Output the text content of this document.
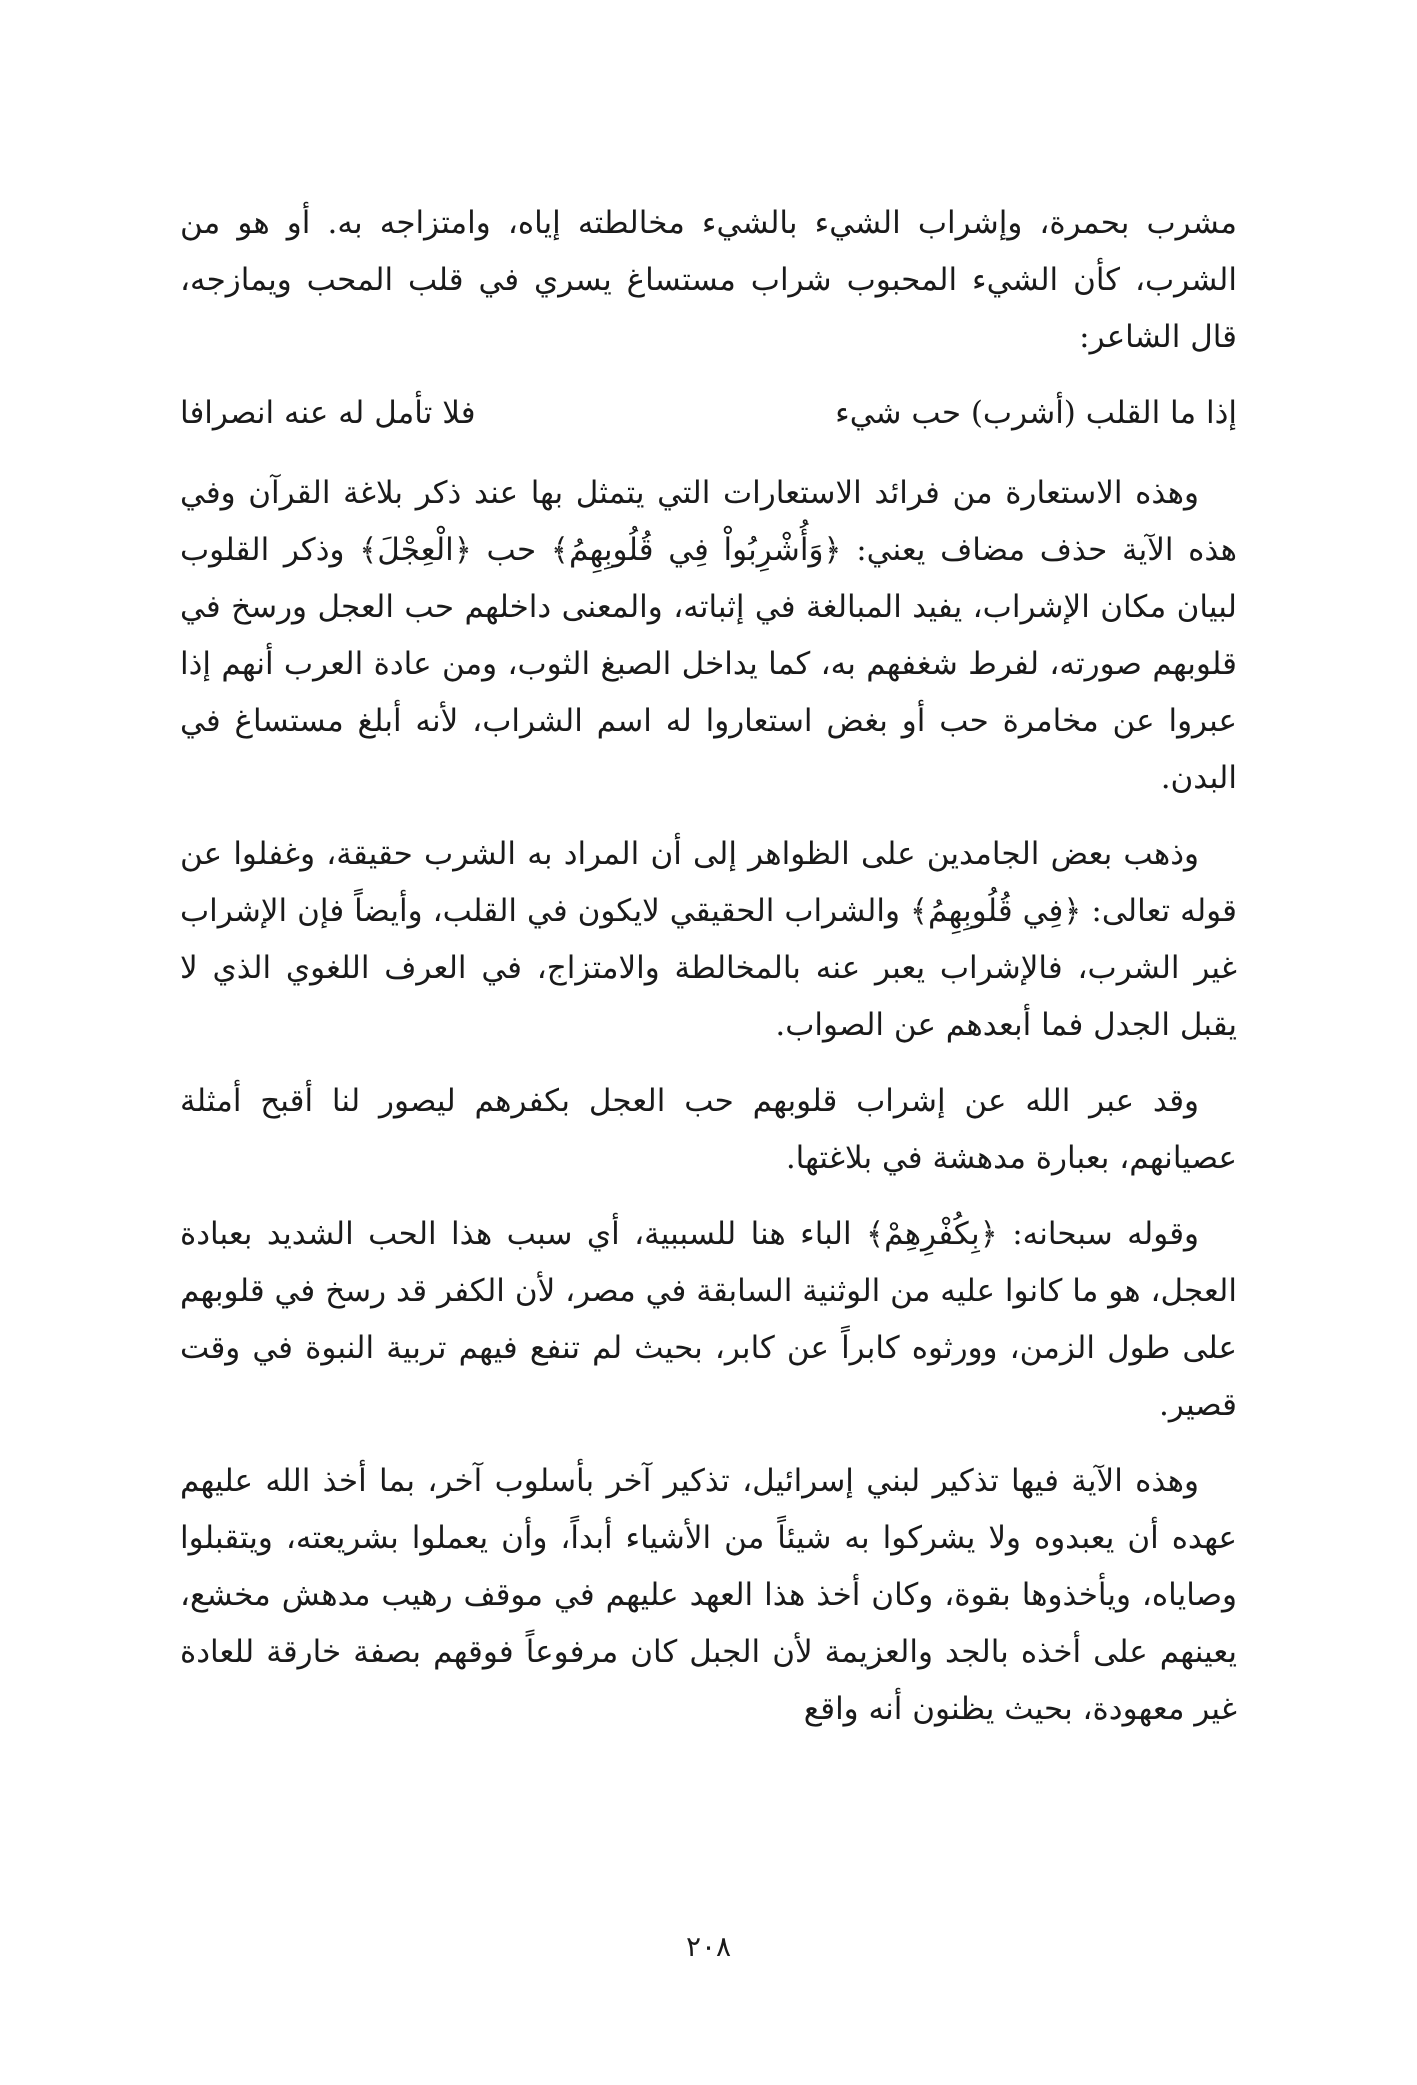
مشرب بحمرة، وإشراب الشيء بالشيء مخالطته إياه، وامتزاجه به. أو هو من الشرب، كأن الشيء المحبوب شراب مستساغ يسري في قلب المحب ويمازجه، قال الشاعر:

إذا ما القلب (أشرب) حب شيء
فلا تأمل له عنه انصرافا

وهذه الاستعارة من فرائد الاستعارات التي يتمثل بها عند ذكر بلاغة القرآن وفي هذه الآية حذف مضاف يعني: ﴿وَأُشْرِبُواْ فِي قُلُوبِهِمُ﴾ حب ﴿الْعِجْلَ﴾ وذكر القلوب لبيان مكان الإشراب، يفيد المبالغة في إثباته، والمعنى داخلهم حب العجل ورسخ في قلوبهم صورته، لفرط شغفهم به، كما يداخل الصبغ الثوب، ومن عادة العرب أنهم إذا عبروا عن مخامرة حب أو بغض استعاروا له اسم الشراب، لأنه أبلغ مستساغ في البدن.

وذهب بعض الجامدين على الظواهر إلى أن المراد به الشرب حقيقة، وغفلوا عن قوله تعالى: ﴿فِي قُلُوبِهِمُ﴾ والشراب الحقيقي لايكون في القلب، وأيضاً فإن الإشراب غير الشرب، فالإشراب يعبر عنه بالمخالطة والامتزاج، في العرف اللغوي الذي لا يقبل الجدل فما أبعدهم عن الصواب.

وقد عبر الله عن إشراب قلوبهم حب العجل بكفرهم ليصور لنا أقبح أمثلة عصيانهم، بعبارة مدهشة في بلاغتها.

وقوله سبحانه: ﴿بِكُفْرِهِمْ﴾ الباء هنا للسببية، أي سبب هذا الحب الشديد بعبادة العجل، هو ما كانوا عليه من الوثنية السابقة في مصر، لأن الكفر قد رسخ في قلوبهم على طول الزمن، وورثوه كابراً عن كابر، بحيث لم تنفع فيهم تربية النبوة في وقت قصير.

وهذه الآية فيها تذكير لبني إسرائيل، تذكير آخر بأسلوب آخر، بما أخذ الله عليهم عهده أن يعبدوه ولا يشركوا به شيئاً من الأشياء أبداً، وأن يعملوا بشريعته، ويتقبلوا وصاياه، ويأخذوها بقوة، وكان أخذ هذا العهد عليهم في موقف رهيب مدهش مخشع، يعينهم على أخذه بالجد والعزيمة لأن الجبل كان مرفوعاً فوقهم بصفة خارقة للعادة غير معهودة، بحيث يظنون أنه واقع

٢٠٨
